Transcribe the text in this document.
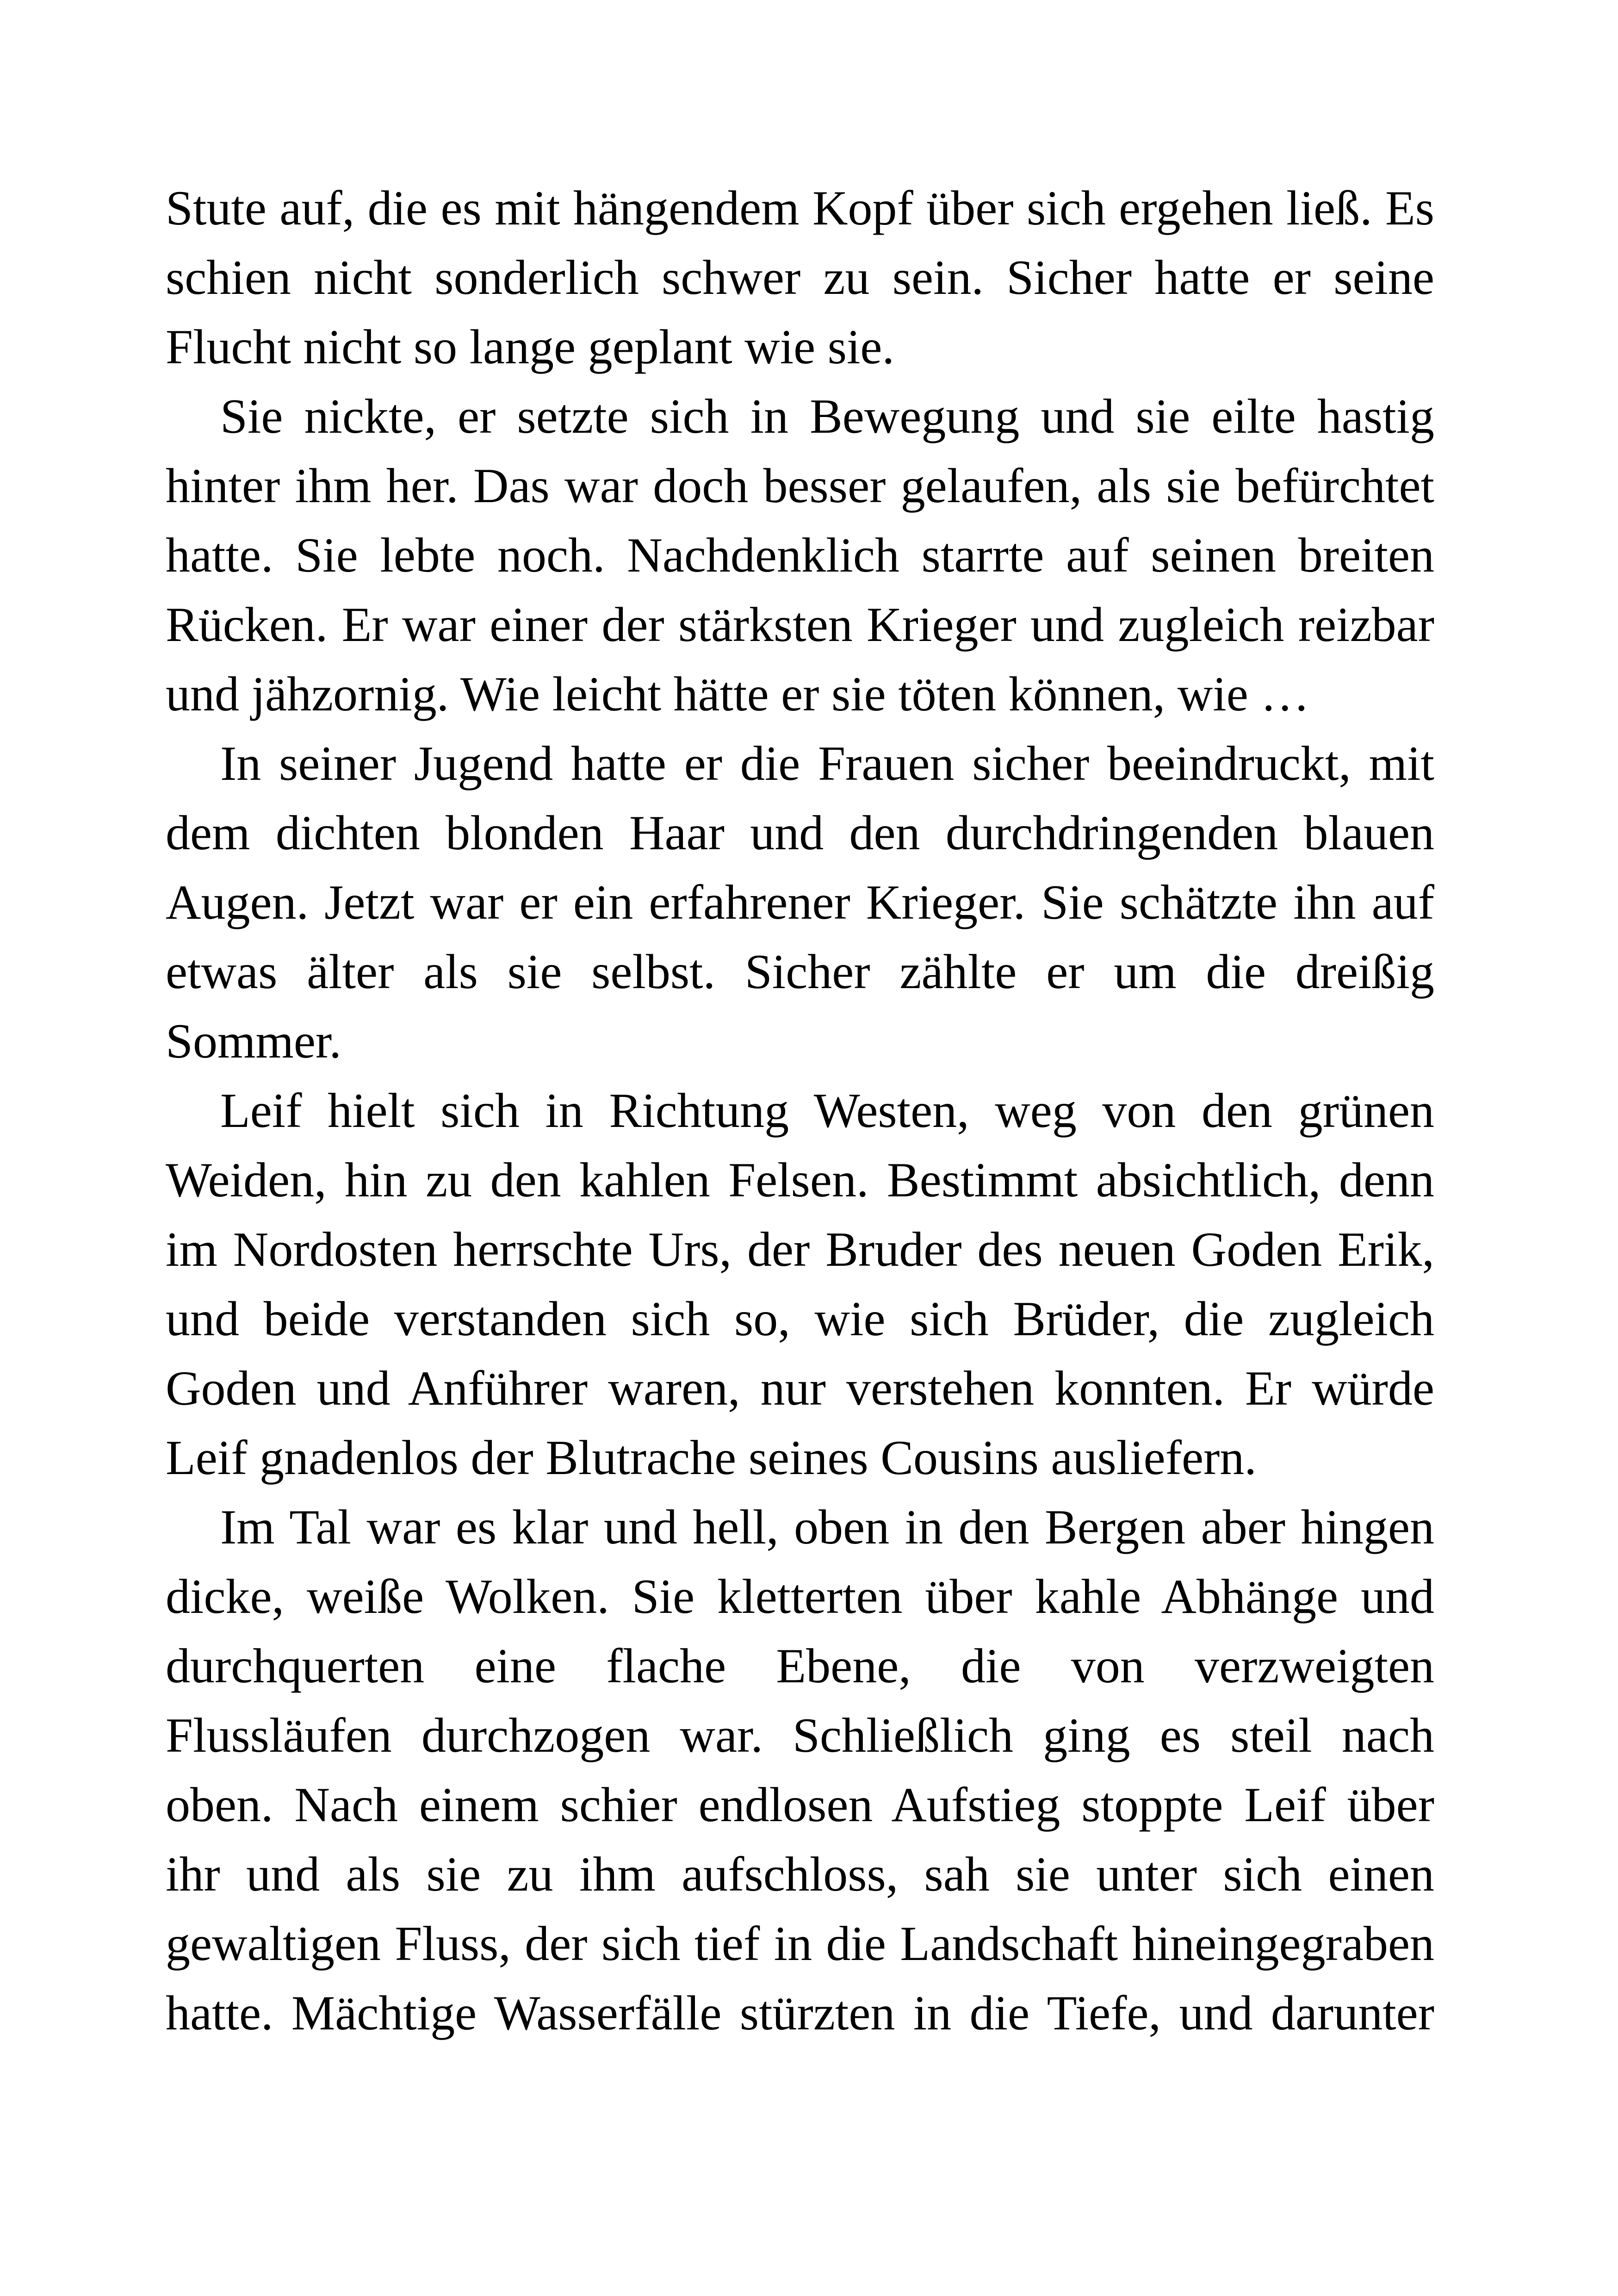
Stute auf, die es mit hängendem Kopf über sich ergehen ließ. Es
schien nicht sonderlich schwer zu sein. Sicher hatte er seine
Flucht nicht so lange geplant wie sie.
Sie nickte, er setzte sich in Bewegung und sie eilte hastig
hinter ihm her. Das war doch besser gelaufen, als sie befürchtet
hatte. Sie lebte noch. Nachdenklich starrte auf seinen breiten
Rücken. Er war einer der stärksten Krieger und zugleich reizbar
und jähzornig. Wie leicht hätte er sie töten können, wie …
In seiner Jugend hatte er die Frauen sicher beeindruckt, mit
dem dichten blonden Haar und den durchdringenden blauen
Augen. Jetzt war er ein erfahrener Krieger. Sie schätzte ihn auf
etwas älter als sie selbst. Sicher zählte er um die dreißig
Sommer.
Leif hielt sich in Richtung Westen, weg von den grünen
Weiden, hin zu den kahlen Felsen. Bestimmt absichtlich, denn
im Nordosten herrschte Urs, der Bruder des neuen Goden Erik,
und beide verstanden sich so, wie sich Brüder, die zugleich
Goden und Anführer waren, nur verstehen konnten. Er würde
Leif gnadenlos der Blutrache seines Cousins ausliefern.
Im Tal war es klar und hell, oben in den Bergen aber hingen
dicke, weiße Wolken. Sie kletterten über kahle Abhänge und
durchquerten eine flache Ebene, die von verzweigten
Flussläufen durchzogen war. Schließlich ging es steil nach
oben. Nach einem schier endlosen Aufstieg stoppte Leif über
ihr und als sie zu ihm aufschloss, sah sie unter sich einen
gewaltigen Fluss, der sich tief in die Landschaft hineingegraben
hatte. Mächtige Wasserfälle stürzten in die Tiefe, und darunter
